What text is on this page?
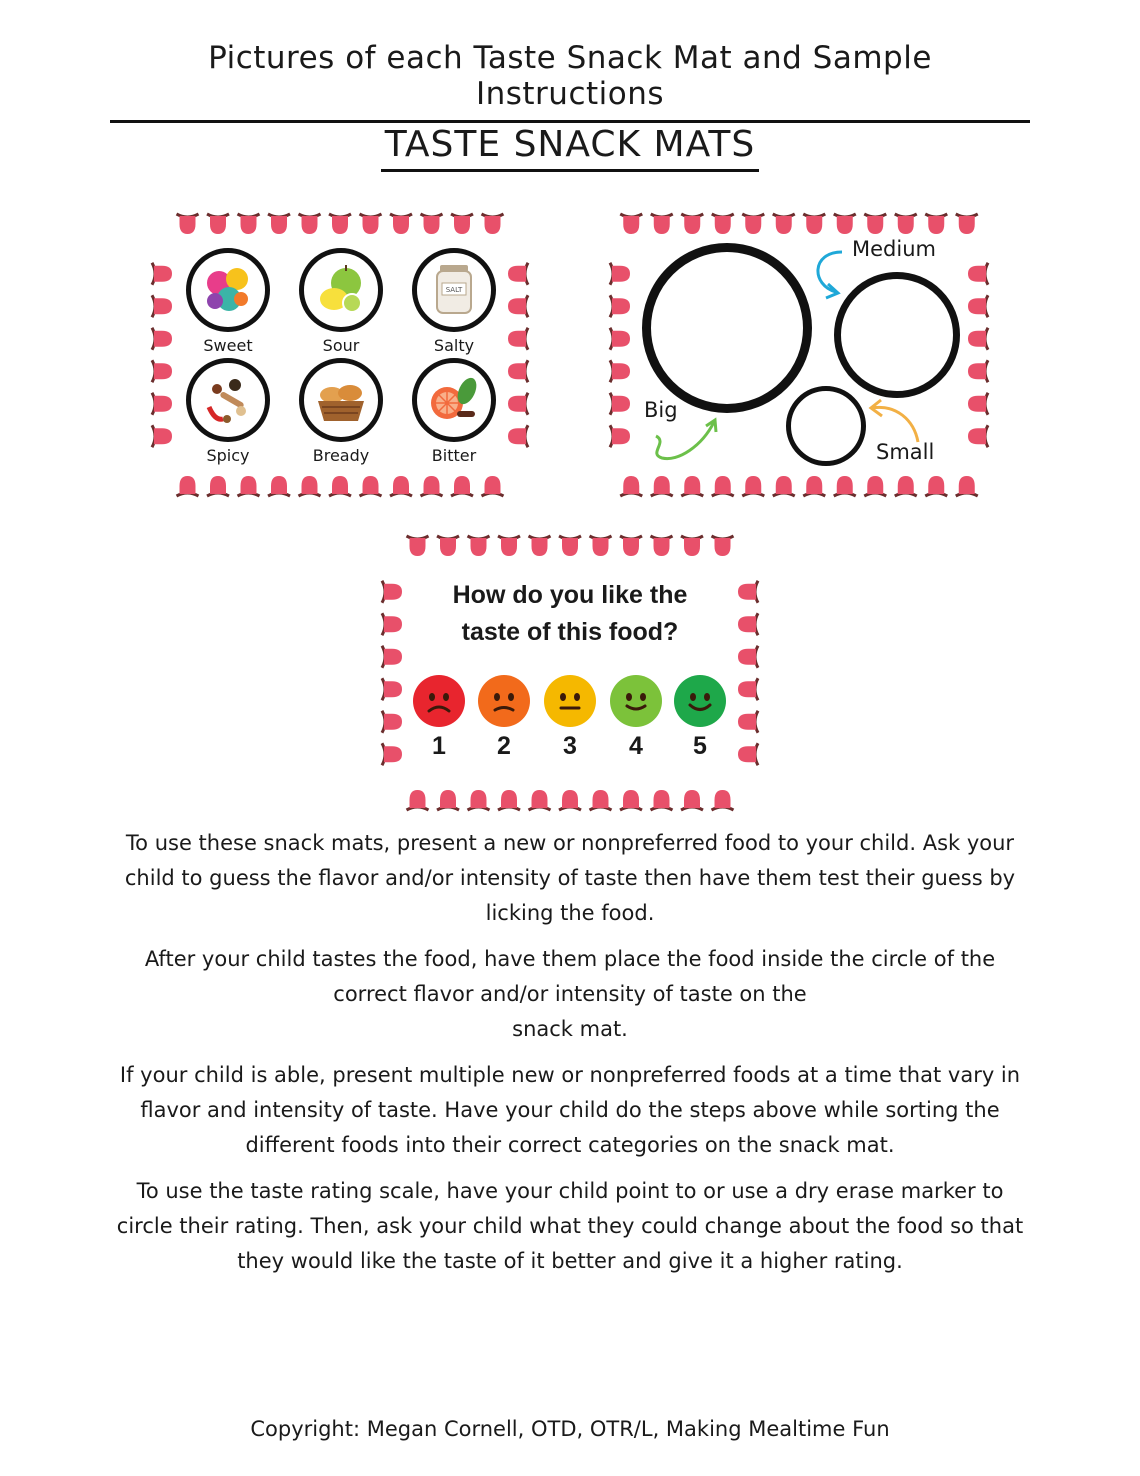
Pictures of each Taste Snack Mat and Sample Instructions
TASTE SNACK MATS
Sweet	Sour
SALT
Salty
Spicy	Bready	Bitter
Medium
Big
Small
How do you like the
taste of this food?
1	2	3	4	5

To use these snack mats, present a new or nonpreferred food to your child. Ask your child to guess the flavor and/or intensity of taste then have them test their guess by licking the food.

After your child tastes the food, have them place the food inside the circle of the correct flavor and/or intensity of taste on the
snack mat.

If your child is able, present multiple new or nonpreferred foods at a time that vary in flavor and intensity of taste. Have your child do the steps above while sorting the different foods into their correct categories on the snack mat.

To use the taste rating scale, have your child point to or use a dry erase marker to circle their rating. Then, ask your child what they could change about the food so that they would like the taste of it better and give it a higher rating.

Copyright: Megan Cornell, OTD, OTR/L, Making Mealtime Fun
